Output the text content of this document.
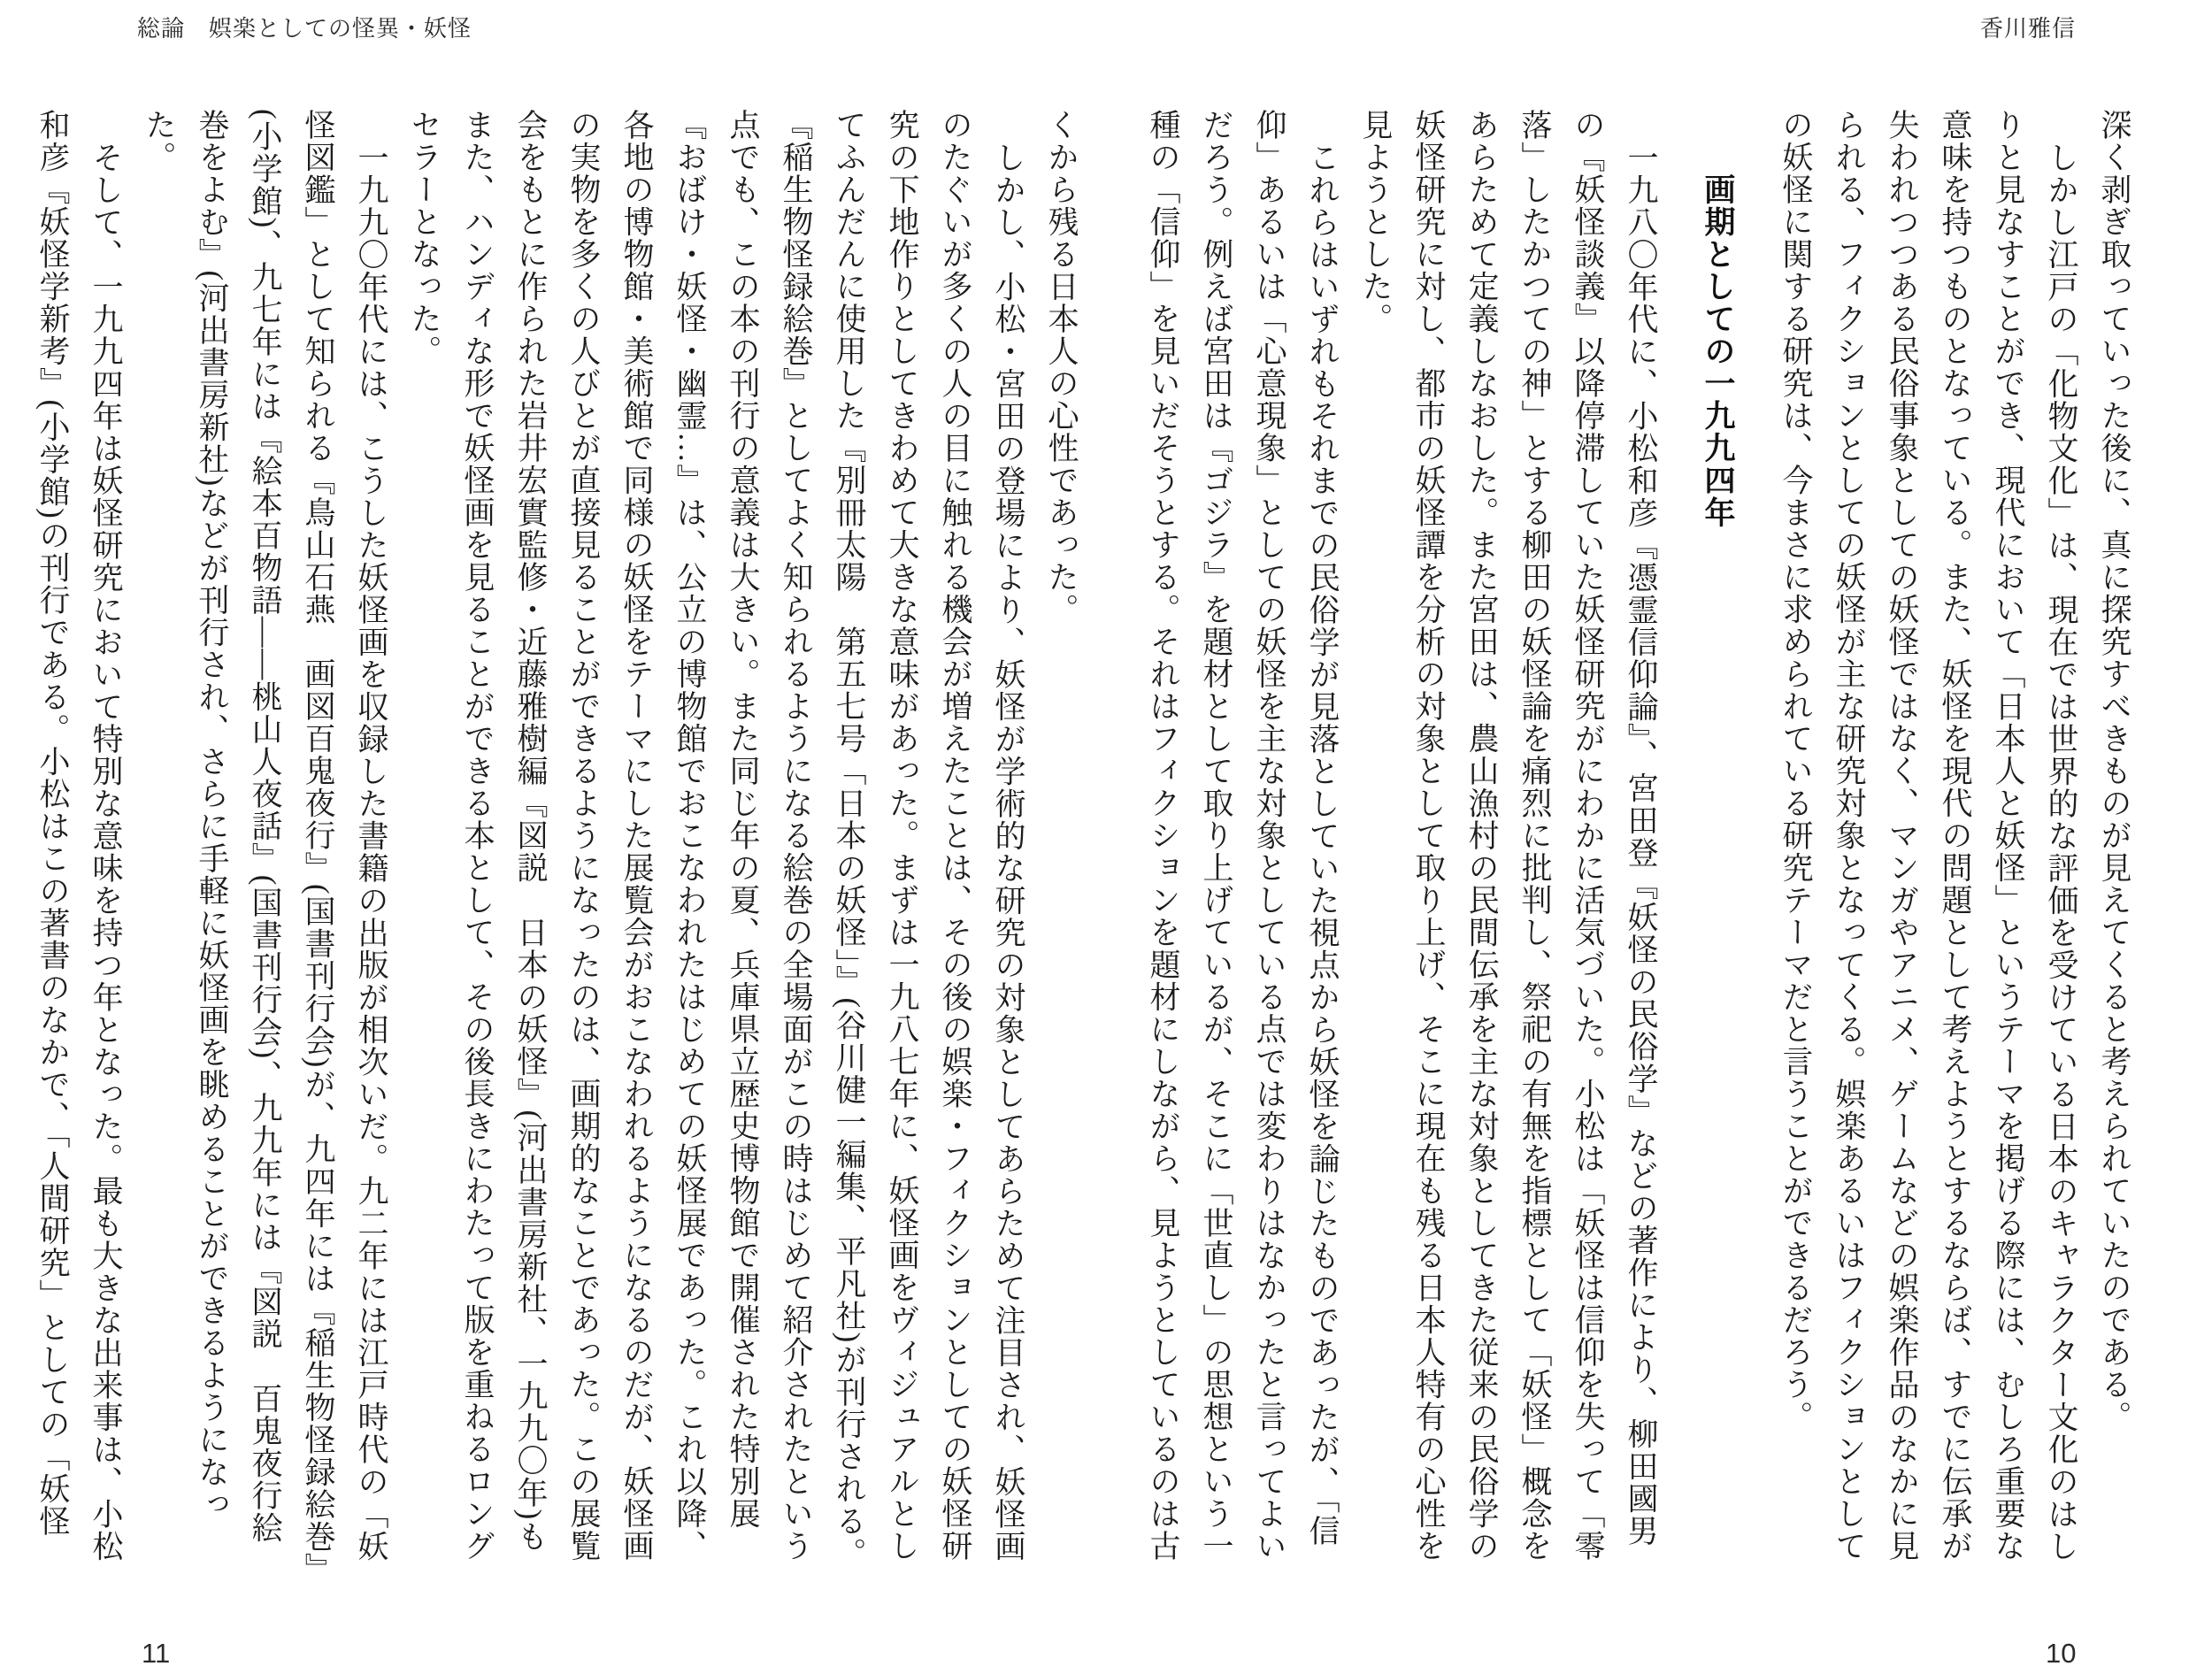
総論　娯楽としての怪異・妖怪	香川雅信

深く剥ぎ取っていった後に、真に探究すべきものが見えてくると考えられていたのである。

しかし江戸の「化物文化」は、現在では世界的な評価を受けている日本のキャラクター文化のはしりと見なすことができ、現代において「日本人と妖怪」というテーマを掲げる際には、むしろ重要な意味を持つものとなっている。また、妖怪を現代の問題として考えようとするならば、すでに伝承が失われつつある民俗事象としての妖怪ではなく、マンガやアニメ、ゲームなどの娯楽作品のなかに見られる、フィクションとしての妖怪が主な研究対象となってくる。娯楽あるいはフィクションとしての妖怪に関する研究は、今まさに求められている研究テーマだと言うことができるだろう。

画期としての一九九四年

一九八〇年代に、小松和彦『憑霊信仰論』、宮田登『妖怪の民俗学』などの著作により、柳田國男の『妖怪談義』以降停滞していた妖怪研究がにわかに活気づいた。小松は「妖怪は信仰を失って「零落」したかつての神」とする柳田の妖怪論を痛烈に批判し、祭祀の有無を指標として「妖怪」概念をあらためて定義しなおした。また宮田は、農山漁村の民間伝承を主な対象としてきた従来の民俗学の妖怪研究に対し、都市の妖怪譚を分析の対象として取り上げ、そこに現在も残る日本人特有の心性を見ようとした。

これらはいずれもそれまでの民俗学が見落としていた視点から妖怪を論じたものであったが、「信仰」あるいは「心意現象」としての妖怪を主な対象としている点では変わりはなかったと言ってよいだろう。例えば宮田は『ゴジラ』を題材として取り上げているが、そこに「世直し」の思想という一種の「信仰」を見いだそうとする。それはフィクションを題材にしながら、見ようとしているのは古

くから残る日本人の心性であった。

しかし、小松・宮田の登場により、妖怪が学術的な研究の対象としてあらためて注目され、妖怪画のたぐいが多くの人の目に触れる機会が増えたことは、その後の娯楽・フィクションとしての妖怪研究の下地作りとしてきわめて大きな意味があった。まずは一九八七年に、妖怪画をヴィジュアルとしてふんだんに使用した『別冊太陽　第五七号「日本の妖怪」』(谷川健一編集、平凡社)が刊行される。『稲生物怪録絵巻』としてよく知られるようになる絵巻の全場面がこの時はじめて紹介されたという点でも、この本の刊行の意義は大きい。また同じ年の夏、兵庫県立歴史博物館で開催された特別展『おばけ・妖怪・幽霊…』は、公立の博物館でおこなわれたはじめての妖怪展であった。これ以降、各地の博物館・美術館で同様の妖怪をテーマにした展覧会がおこなわれるようになるのだが、妖怪画の実物を多くの人びとが直接見ることができるようになったのは、画期的なことであった。この展覧会をもとに作られた岩井宏實監修・近藤雅樹編『図説　日本の妖怪』(河出書房新社、一九九〇年)もまた、ハンディな形で妖怪画を見ることができる本として、その後長きにわたって版を重ねるロングセラーとなった。

一九九〇年代には、こうした妖怪画を収録した書籍の出版が相次いだ。九二年には江戸時代の「妖怪図鑑」として知られる『鳥山石燕　画図百鬼夜行』(国書刊行会)が、九四年には『稲生物怪録絵巻』(小学館)、九七年には『絵本百物語――桃山人夜話』(国書刊行会)、九九年には『図説　百鬼夜行絵巻をよむ』(河出書房新社)などが刊行され、さらに手軽に妖怪画を眺めることができるようになった。

そして、一九九四年は妖怪研究において特別な意味を持つ年となった。最も大きな出来事は、小松和彦『妖怪学新考』(小学館)の刊行である。小松はこの著書のなかで、「人間研究」としての「妖怪

11	10
